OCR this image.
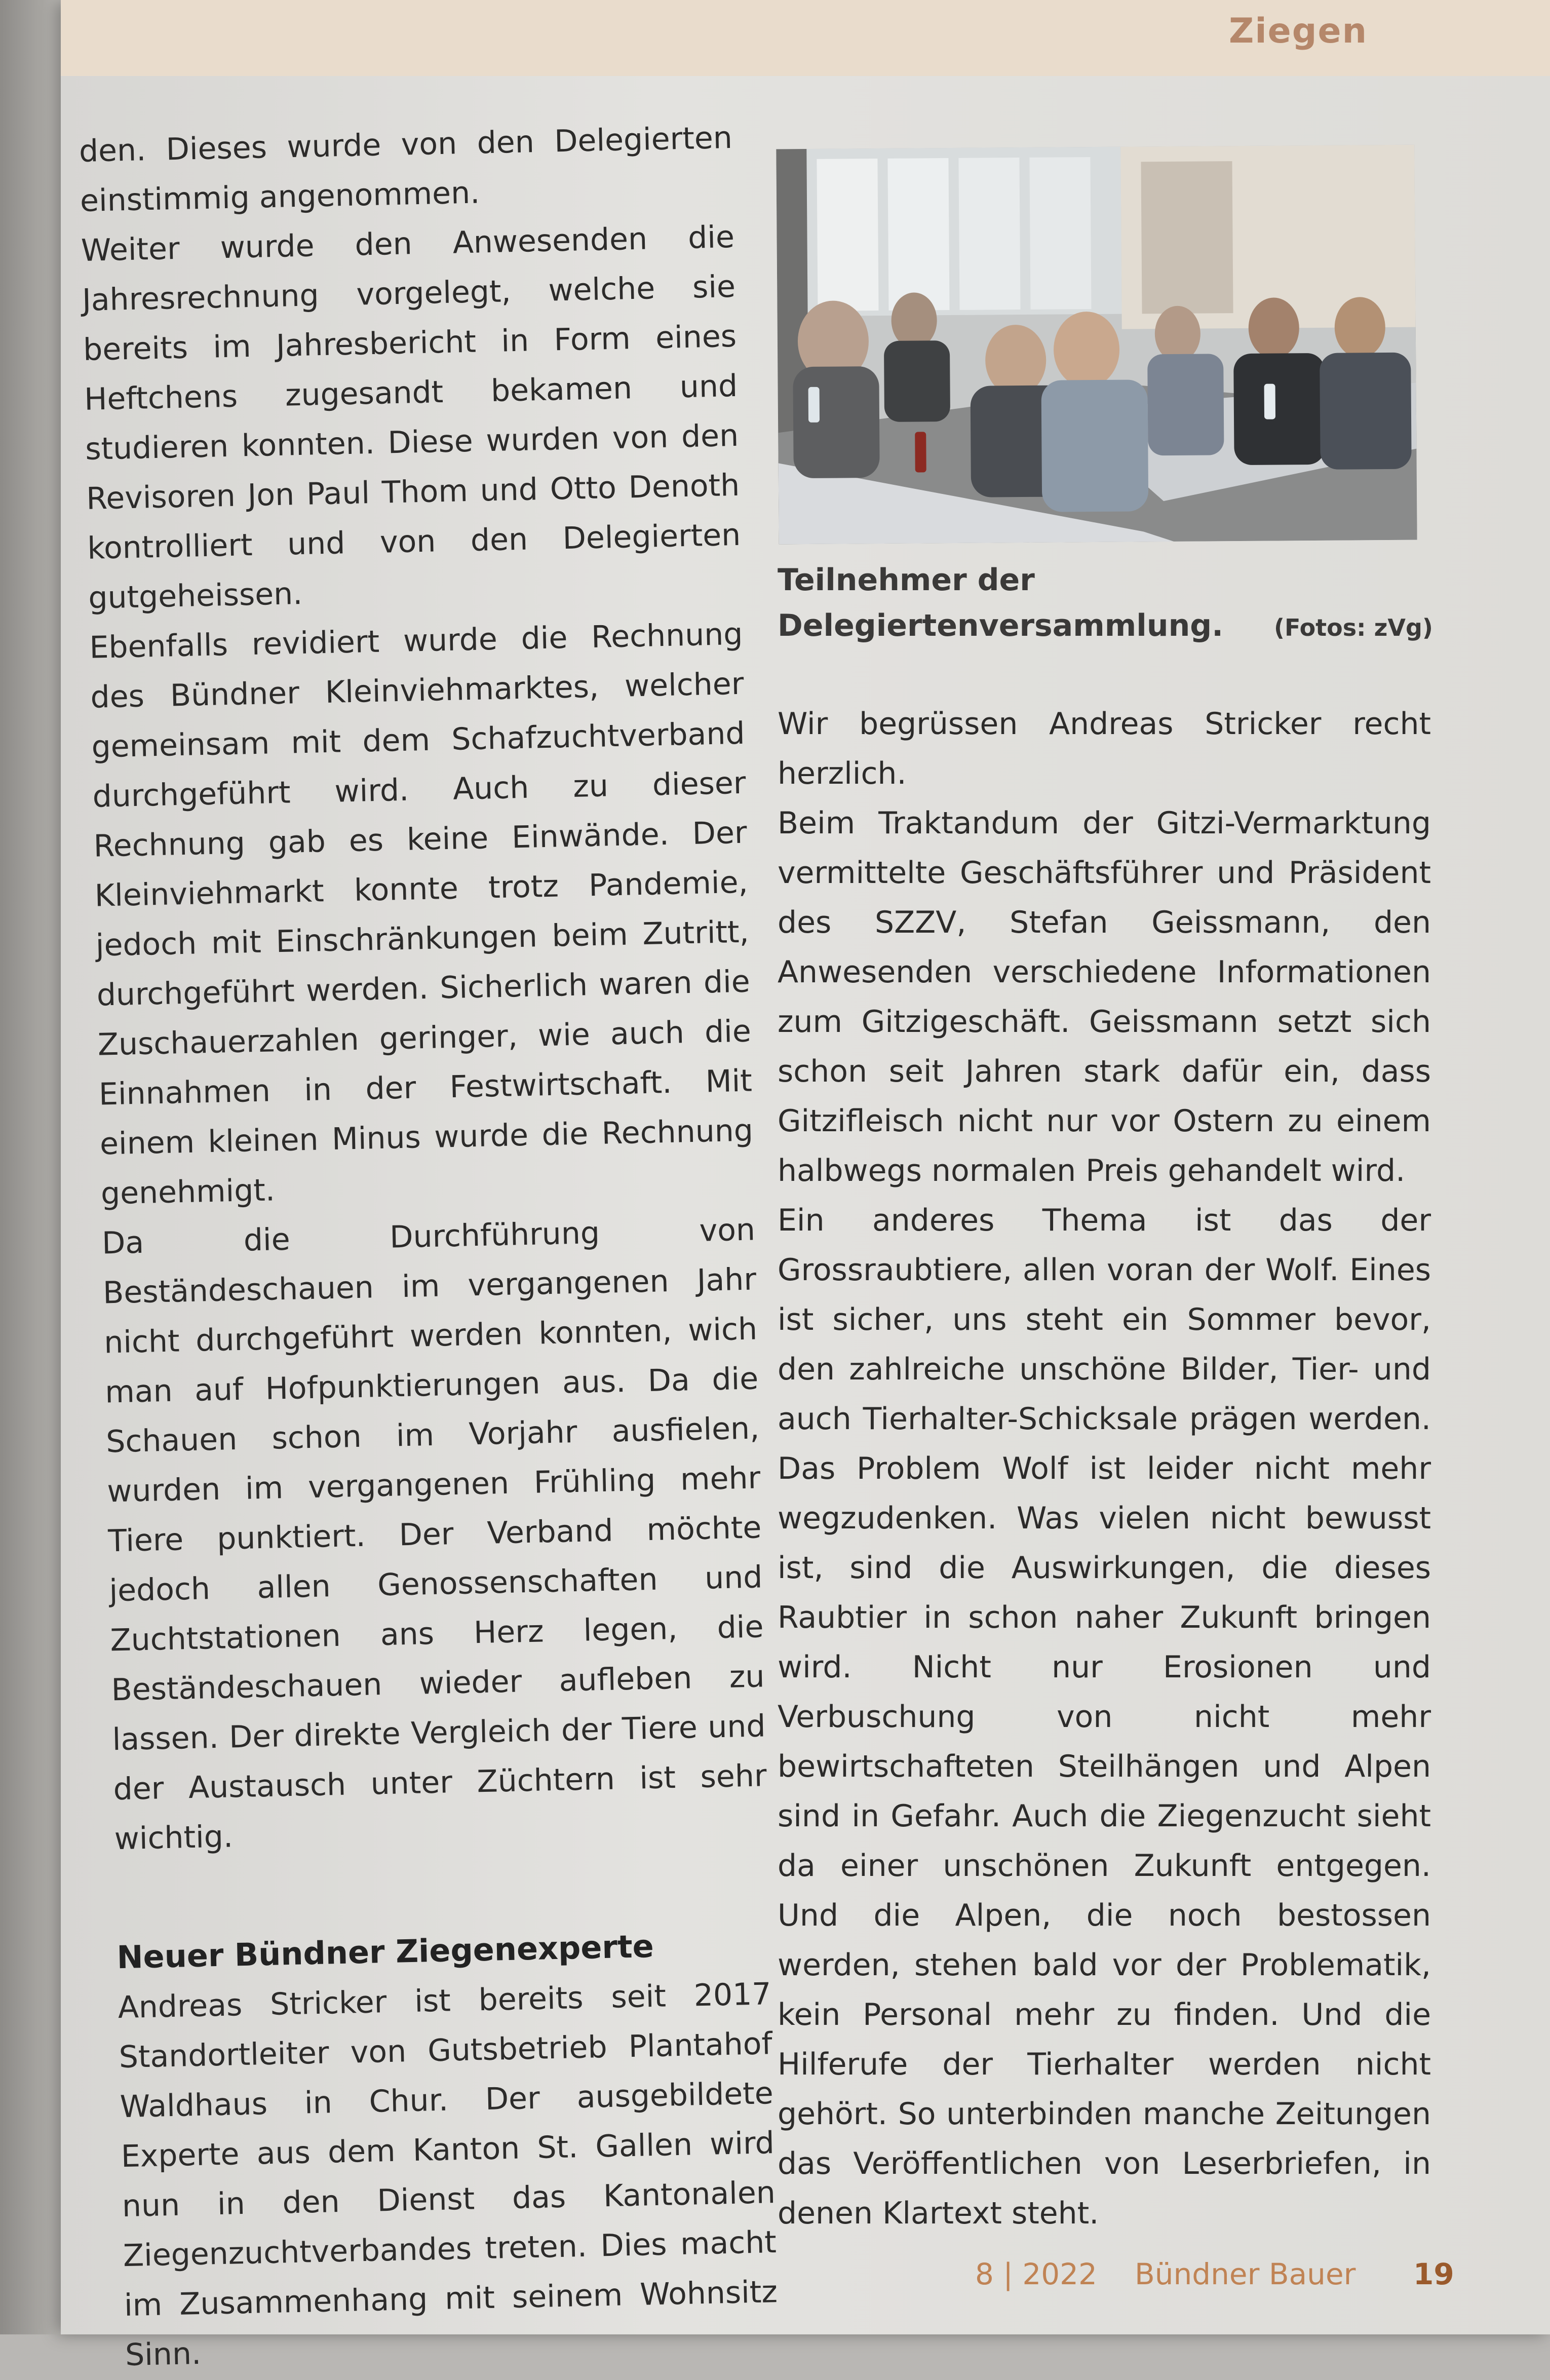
Ziegen

den. Dieses wurde von den Delegierten einstimmig angenommen.

Weiter wurde den Anwesenden die Jahresrechnung vorgelegt, welche sie bereits im Jahresbericht in Form eines Heftchens zugesandt bekamen und studieren konnten. Diese wurden von den Revisoren Jon Paul Thom und Otto Denoth kontrolliert und von den Delegierten gutgeheissen.

Ebenfalls revidiert wurde die Rechnung des Bündner Kleinviehmarktes, welcher gemeinsam mit dem Schafzuchtverband durchgeführt wird. Auch zu dieser Rechnung gab es keine Einwände. Der Kleinviehmarkt konnte trotz Pandemie, jedoch mit Einschränkungen beim Zutritt, durchgeführt werden. Sicherlich waren die Zuschauerzahlen geringer, wie auch die Einnahmen in der Festwirtschaft. Mit einem kleinen Minus wurde die Rechnung genehmigt.

Da die Durchführung von Beständeschauen im vergangenen Jahr nicht durchgeführt werden konnten, wich man auf Hofpunktierungen aus. Da die Schauen schon im Vorjahr ausfielen, wurden im vergangenen Frühling mehr Tiere punktiert. Der Verband möchte jedoch allen Genossenschaften und Zuchtstationen ans Herz legen, die Beständeschauen wieder aufleben zu lassen. Der direkte Vergleich der Tiere und der Austausch unter Züchtern ist sehr wichtig.

Neuer Bündner Ziegenexperte

Andreas Stricker ist bereits seit 2017 Standortleiter von Gutsbetrieb Plantahof Waldhaus in Chur. Der ausgebildete Experte aus dem Kanton St. Gallen wird nun in den Dienst das Kantonalen Ziegenzuchtverbandes treten. Dies macht im Zusammenhang mit seinem Wohnsitz Sinn.

Teilnehmer der Delegiertenversammlung.	(Fotos: zVg)

Wir begrüssen Andreas Stricker recht herzlich.

Beim Traktandum der Gitzi-Vermarktung vermittelte Geschäftsführer und Präsident des SZZV, Stefan Geissmann, den Anwesenden verschiedene Informationen zum Gitzigeschäft. Geissmann setzt sich schon seit Jahren stark dafür ein, dass Gitzifleisch nicht nur vor Ostern zu einem halbwegs normalen Preis gehandelt wird.

Ein anderes Thema ist das der Grossraubtiere, allen voran der Wolf. Eines ist sicher, uns steht ein Sommer bevor, den zahlreiche unschöne Bilder, Tier- und auch Tierhalter-Schicksale prägen werden. Das Problem Wolf ist leider nicht mehr wegzudenken. Was vielen nicht bewusst ist, sind die Auswirkungen, die dieses Raubtier in schon naher Zukunft bringen wird. Nicht nur Erosionen und Verbuschung von nicht mehr bewirtschafteten Steilhängen und Alpen sind in Gefahr. Auch die Ziegenzucht sieht da einer unschönen Zukunft entgegen. Und die Alpen, die noch bestossen werden, stehen bald vor der Problematik, kein Personal mehr zu finden. Und die Hilferufe der Tierhalter werden nicht gehört. So unterbinden manche Zeitungen das Veröffentlichen von Leserbriefen, in denen Klartext steht.

8 | 2022 Bündner Bauer 19
